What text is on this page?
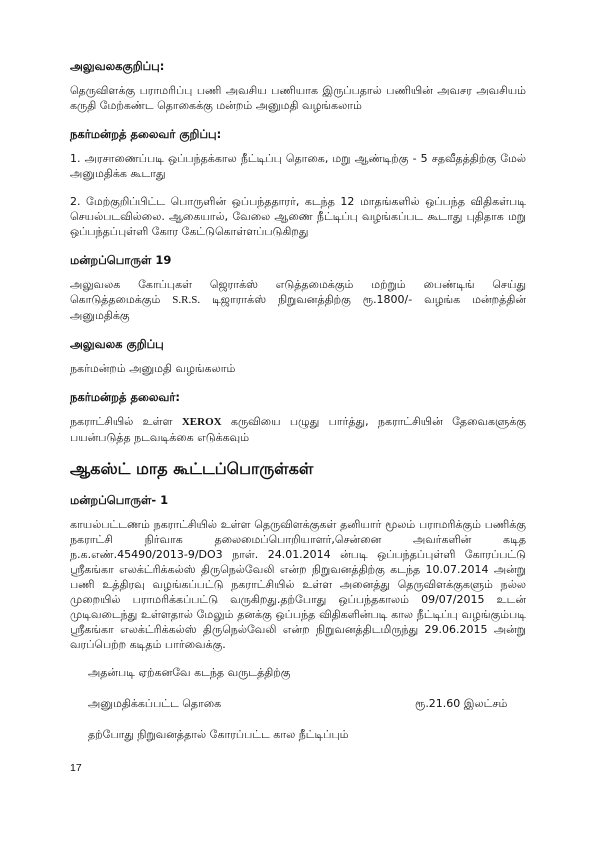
அலுவலககுறிப்பு:

தெருவிளக்கு பராமரிப்பு பணி அவசிய பணியாக இருப்பதால் பணியின் அவசர அவசியம் கருதி மேற்கண்ட தொகைக்கு மன்றம் அனுமதி வழங்கலாம்

நகர்மன்றத் தலைவர் குறிப்பு:

1. அரசாணைப்படி ஒப்பந்தக்கால நீட்டிப்பு தொகை, மறு ஆண்டிற்கு - 5 சதவீதத்திற்கு மேல் அனுமதிக்க கூடாது

2. மேற்குறிப்பிட்ட பொருளின் ஒப்பந்ததாரர், கடந்த 12 மாதங்களில் ஒப்பந்த விதிகள்படி செயல்படவில்லை. ஆகையால், வேலை ஆணை நீட்டிப்பு வழங்கப்பட கூடாது புதிதாக மறு ஒப்பந்தப்புள்ளி கோர கேட்டுகொள்ளப்படுகிறது

மன்றப்பொருள் 19

அலுவலக கோப்புகள் ஜெராக்ஸ் எடுத்தமைக்கும் மற்றும் பைண்டிங் செய்து கொடுத்தமைக்கும் S.R.S. டிஜாராக்ஸ் நிறுவனத்திற்கு ரூ.1800/- வழங்க மன்றத்தின் அனுமதிக்கு

அலுவலக குறிப்பு

நகர்மன்றம் அனுமதி வழங்கலாம்

நகர்மன்றத் தலைவர்:

நகராட்சியில் உள்ள XEROX கருவியை பழுது பார்த்து, நகராட்சியின் தேவைகளுக்கு பயன்படுத்த நடவடிக்கை எடுக்கவும்

ஆகஸ்ட் மாத கூட்டப்பொருள்கள்
மன்றப்பொருள்- 1

காயல்பட்டணம் நகராட்சியில் உள்ள தெருவிளக்குகள் தனியார் மூலம் பராமரிக்கும் பணிக்கு நகராட்சி நிர்வாக தலைமைப்பொறியாளர்,சென்னை அவர்களின் கடித ந.க.எண்.45490/2013-9/DO3 நாள். 24.01.2014 ன்படி ஒப்பந்தப்புள்ளி கோரப்பட்டு ஸ்ரீகங்கா எலக்ட்ரிக்கல்ஸ் திருநெல்வேலி என்ற நிறுவனத்திற்கு கடந்த 10.07.2014 அன்று பணி உத்திரவு வழங்கப்பட்டு நகராட்சியில் உள்ள அனைத்து தெருவிளக்குகளும் நல்ல முறையில் பராமரிக்கப்பட்டு வருகிறது.தற்போது ஒப்பந்தகாலம் 09/07/2015 உடன் முடிவடைந்து உள்ளதால் மேலும் தனக்கு ஒப்பந்த விதிகளின்படி கால நீட்டிப்பு வழங்கும்படி ஸ்ரீகங்கா எலக்ட்ரிக்கல்ஸ் திருநெல்வேலி என்ற நிறுவனத்திடமிருந்து 29.06.2015 அன்று வரப்பெற்ற கடிதம் பார்வைக்கு.

அதன்படி ஏற்கனவே கடந்த வருடத்திற்கு
அனுமதிக்கப்பட்ட தொகை	ரூ.21.60 இலட்சம்
தற்போது நிறுவனத்தால் கோரப்பட்ட கால நீட்டிப்பும்
17
